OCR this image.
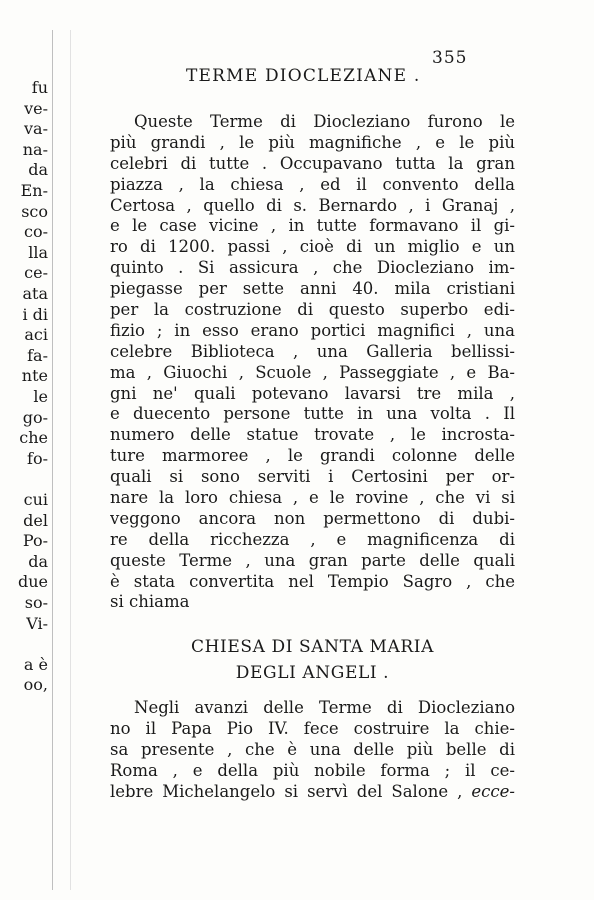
fu
ve-
va-
na-
da
En-
sco
co-
lla
ce-
ata
i di
aci
fa-
nte
le
go-
che
fo-
cui
del
Po-
da
due
so-
Vi-
a è
oo,
TERME DIOCLEZIANE .
355
Queste Terme di Diocleziano furono le
più grandi , le più magnifiche , e le più
celebri di tutte . Occupavano tutta la gran
piazza , la chiesa , ed il convento della
Certosa , quello di s. Bernardo , i Granaj ,
e le case vicine , in tutte formavano il gi-
ro di 1200. passi , cioè di un miglio e un
quinto . Si assicura , che Diocleziano im-
piegasse per sette anni 40. mila cristiani
per la costruzione di questo superbo edi-
fizio ; in esso erano portici magnifici , una
celebre Biblioteca , una Galleria bellissi-
ma , Giuochi , Scuole , Passeggiate , e Ba-
gni ne' quali potevano lavarsi tre mila ,
e duecento persone tutte in una volta . Il
numero delle statue trovate , le incrosta-
ture marmoree , le grandi colonne delle
quali si sono serviti i Certosini per or-
nare la loro chiesa , e le rovine , che vi si
veggono ancora non permettono di dubi-
re della ricchezza , e magnificenza di
queste Terme , una gran parte delle quali
è stata convertita nel Tempio Sagro , che
si chiama
CHIESA DI SANTA MARIA
DEGLI ANGELI .
Negli avanzi delle Terme di Diocleziano
no il Papa Pio IV. fece costruire la chie-
sa presente , che è una delle più belle di
Roma , e della più nobile forma ; il ce-
lebre Michelangelo si servì del Salone , ecce-
